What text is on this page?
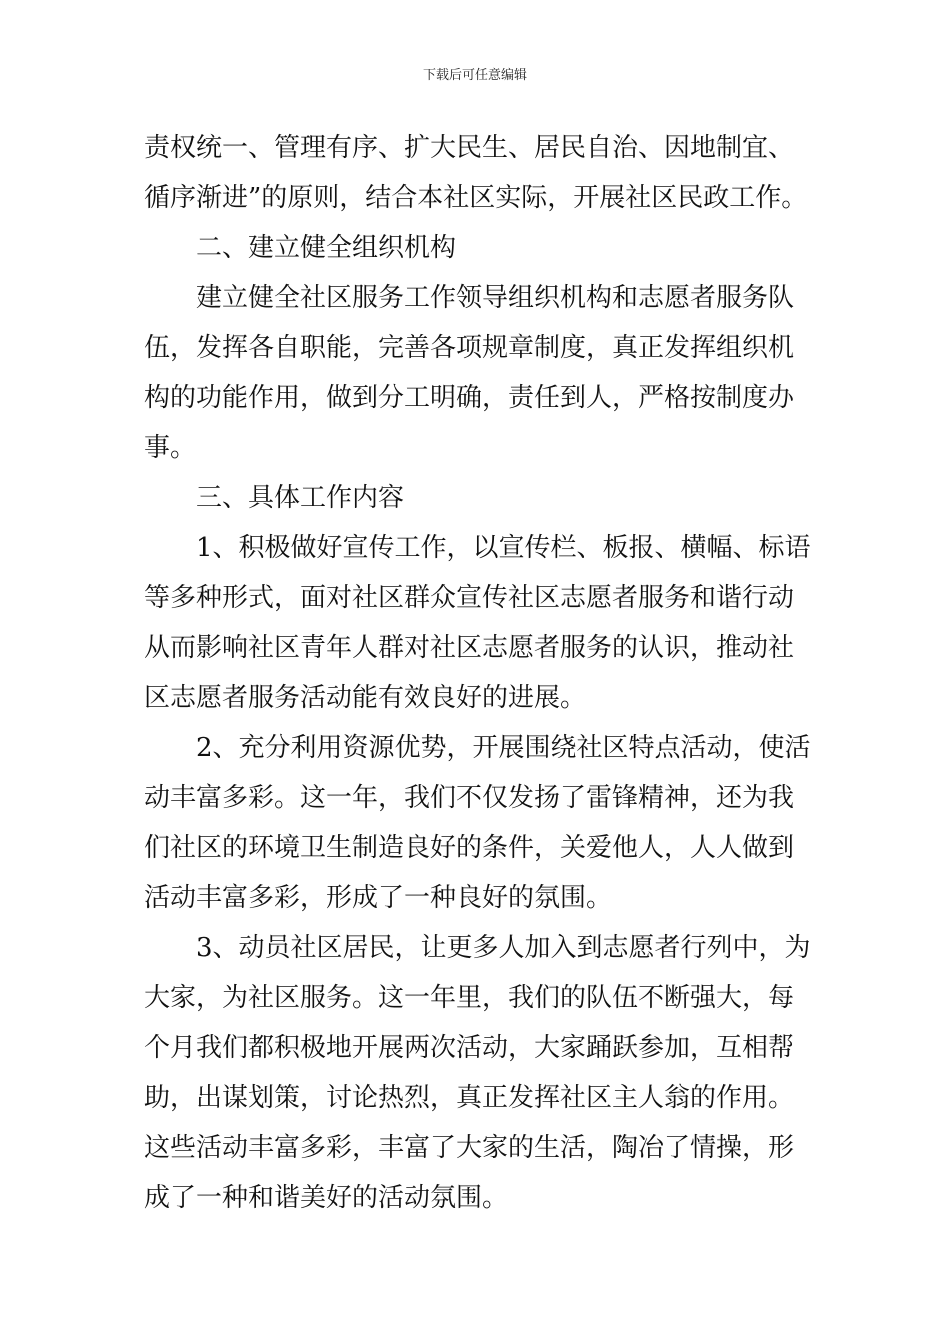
下载后可任意编辑
责权统一、管理有序、扩大民生、居民自治、因地制宜、
循序渐进”的原则，结合本社区实际，开展社区民政工作。
二、建立健全组织机构
建立健全社区服务工作领导组织机构和志愿者服务队
伍，发挥各自职能，完善各项规章制度，真正发挥组织机
构的功能作用，做到分工明确，责任到人，严格按制度办
事。
三、具体工作内容
1、积极做好宣传工作，以宣传栏、板报、横幅、标语
等多种形式，面对社区群众宣传社区志愿者服务和谐行动
从而影响社区青年人群对社区志愿者服务的认识，推动社
区志愿者服务活动能有效良好的进展。
2、充分利用资源优势，开展围绕社区特点活动，使活
动丰富多彩。这一年，我们不仅发扬了雷锋精神，还为我
们社区的环境卫生制造良好的条件，关爱他人，人人做到
活动丰富多彩，形成了一种良好的氛围。
3、动员社区居民，让更多人加入到志愿者行列中，为
大家，为社区服务。这一年里，我们的队伍不断强大，每
个月我们都积极地开展两次活动，大家踊跃参加，互相帮
助，出谋划策，讨论热烈，真正发挥社区主人翁的作用。
这些活动丰富多彩，丰富了大家的生活，陶冶了情操，形
成了一种和谐美好的活动氛围。
